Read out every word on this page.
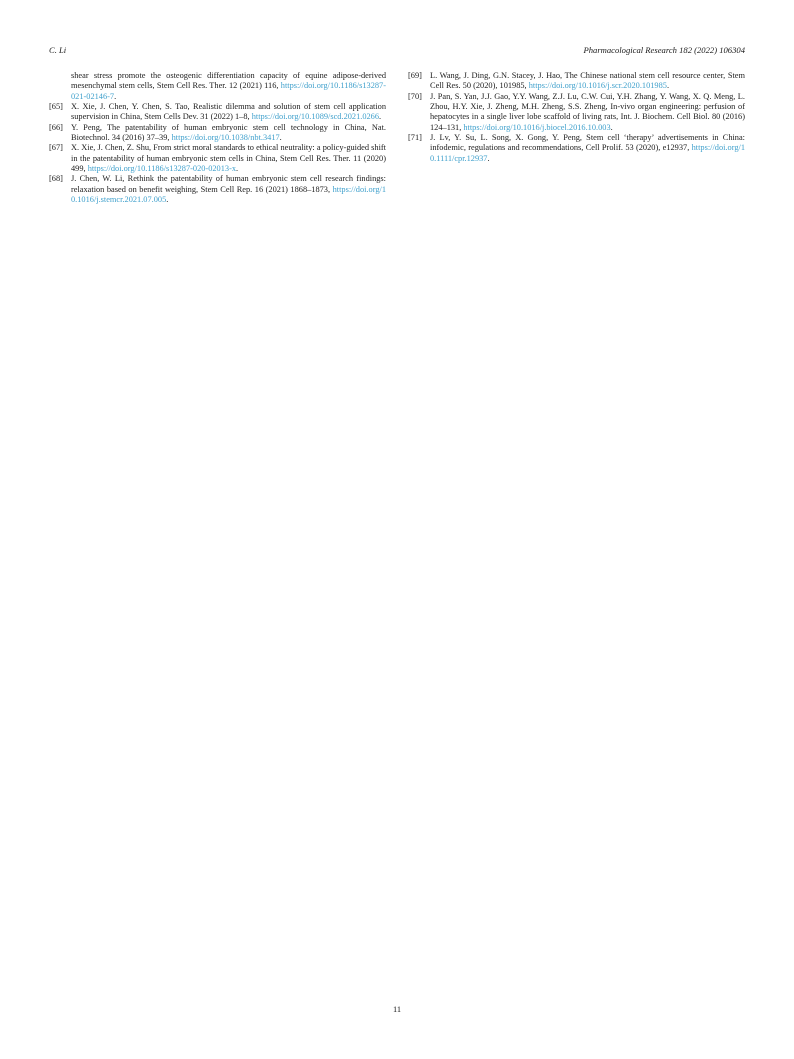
C. Li	Pharmacological Research 182 (2022) 106304
shear stress promote the osteogenic differentiation capacity of equine adipose-derived mesenchymal stem cells, Stem Cell Res. Ther. 12 (2021) 116, https://doi.org/10.1186/s13287-021-02146-7.
[65] X. Xie, J. Chen, Y. Chen, S. Tao, Realistic dilemma and solution of stem cell application supervision in China, Stem Cells Dev. 31 (2022) 1–8, https://doi.org/10.1089/scd.2021.0266.
[66] Y. Peng, The patentability of human embryonic stem cell technology in China, Nat. Biotechnol. 34 (2016) 37–39, https://doi.org/10.1038/nbt.3417.
[67] X. Xie, J. Chen, Z. Shu, From strict moral standards to ethical neutrality: a policy-guided shift in the patentability of human embryonic stem cells in China, Stem Cell Res. Ther. 11 (2020) 499, https://doi.org/10.1186/s13287-020-02013-x.
[68] J. Chen, W. Li, Rethink the patentability of human embryonic stem cell research findings: relaxation based on benefit weighing, Stem Cell Rep. 16 (2021) 1868–1873, https://doi.org/10.1016/j.stemcr.2021.07.005.
[69] L. Wang, J. Ding, G.N. Stacey, J. Hao, The Chinese national stem cell resource center, Stem Cell Res. 50 (2020), 101985, https://doi.org/10.1016/j.scr.2020.101985.
[70] J. Pan, S. Yan, J.J. Gao, Y.Y. Wang, Z.J. Lu, C.W. Cui, Y.H. Zhang, Y. Wang, X. Q. Meng, L. Zhou, H.Y. Xie, J. Zheng, M.H. Zheng, S.S. Zheng, In-vivo organ engineering: perfusion of hepatocytes in a single liver lobe scaffold of living rats, Int. J. Biochem. Cell Biol. 80 (2016) 124–131, https://doi.org/10.1016/j.biocel.2016.10.003.
[71] J. Lv, Y. Su, L. Song, X. Gong, Y. Peng, Stem cell ‘therapy’ advertisements in China: infodemic, regulations and recommendations, Cell Prolif. 53 (2020), e12937, https://doi.org/10.1111/cpr.12937.
11
